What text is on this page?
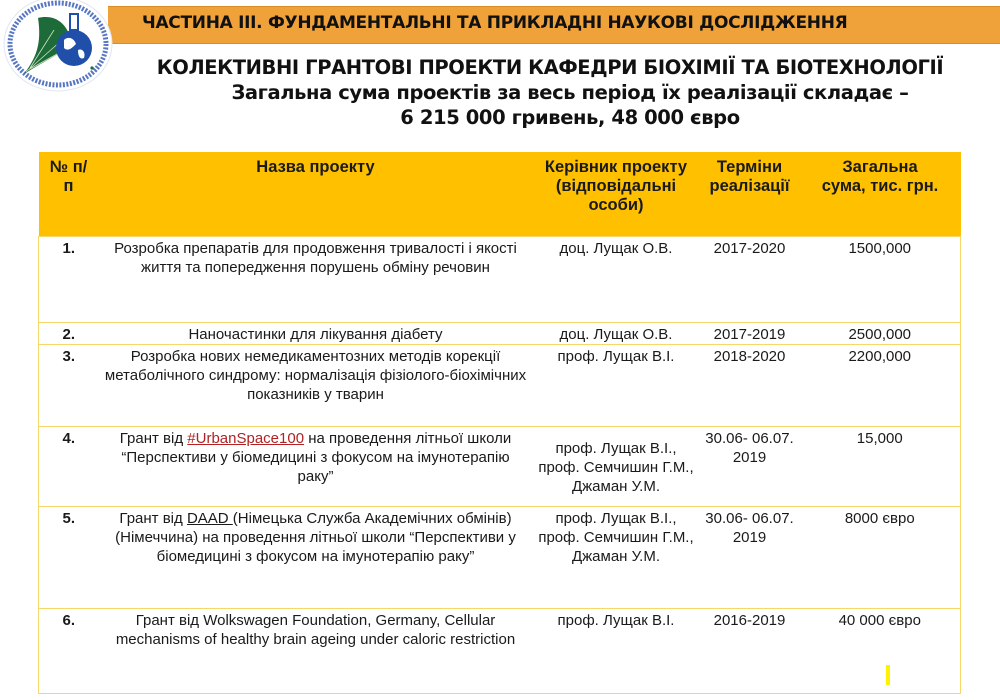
ЧАСТИНА ІІІ. ФУНДАМЕНТАЛЬНІ ТА ПРИКЛАДНІ НАУКОВІ ДОСЛІДЖЕННЯ
КОЛЕКТИВНІ ГРАНТОВІ ПРОЕКТИ КАФЕДРИ БІОХІМІЇ ТА БІОТЕХНОЛОГІЇ
Загальна сума проектів за весь період їх реалізації складає –
6 215 000 гривень, 48 000 євро
№ п/п	Назва проекту	Керівник проекту (відповідальні особи)	Терміни реалізації	Загальна сума, тис. грн.
1.	Розробка препаратів для продовження тривалості і якості життя та попередження порушень обміну речовин	доц. Лущак О.В.	2017-2020	1500,000
2.	Наночастинки для лікування діабету	доц. Лущак О.В.	2017-2019	2500,000
3.	Розробка нових немедикаментозних методів корекції метаболічного синдрому: нормалізація фізіолого-біохімічних показників у тварин	проф. Лущак В.І.	2018-2020	2200,000
4.	Грант від #UrbanSpace100 на проведення літньої школи “Перспективи у біомедицині з фокусом на імунотерапію раку”	проф. Лущак В.І., проф. Семчишин Г.М., Джаман У.М.	30.06- 06.07. 2019	15,000
5.	Грант від DAAD (Німецька Служба Академічних обмінів) (Німеччина) на проведення літньої школи “Перспективи у біомедицині з фокусом на імунотерапію раку”	проф. Лущак В.І., проф. Семчишин Г.М., Джаман У.М.	30.06- 06.07. 2019	8000 євро
6.	Грант від Wolkswagen Foundation, Germany, Cellular mechanisms of healthy brain ageing under caloric restriction	проф. Лущак В.І.	2016-2019	40 000 євро
